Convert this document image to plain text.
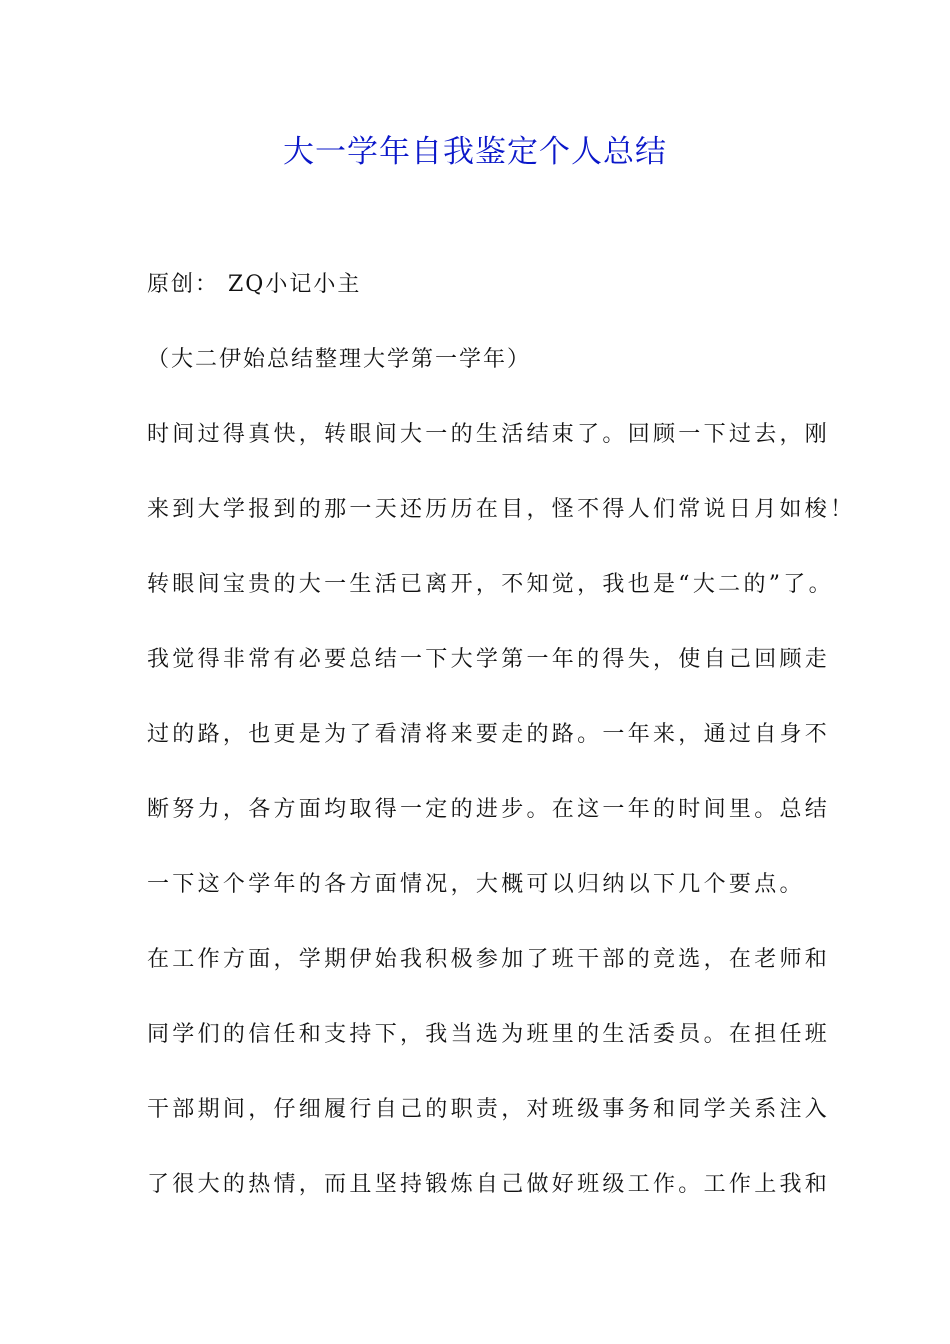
大一学年自我鉴定个人总结
原创： ZQ小记小主
（大二伊始总结整理大学第一学年）
时间过得真快，转眼间大一的生活结束了。回顾一下过去，刚
来到大学报到的那一天还历历在目，怪不得人们常说日月如梭！
转眼间宝贵的大一生活已离开，不知觉，我也是“大二的”了。
我觉得非常有必要总结一下大学第一年的得失，使自己回顾走
过的路，也更是为了看清将来要走的路。一年来，通过自身不
断努力，各方面均取得一定的进步。在这一年的时间里。总结
一下这个学年的各方面情况，大概可以归纳以下几个要点。
在工作方面，学期伊始我积极参加了班干部的竞选，在老师和
同学们的信任和支持下，我当选为班里的生活委员。在担任班
干部期间，仔细履行自己的职责，对班级事务和同学关系注入
了很大的热情，而且坚持锻炼自己做好班级工作。工作上我和
